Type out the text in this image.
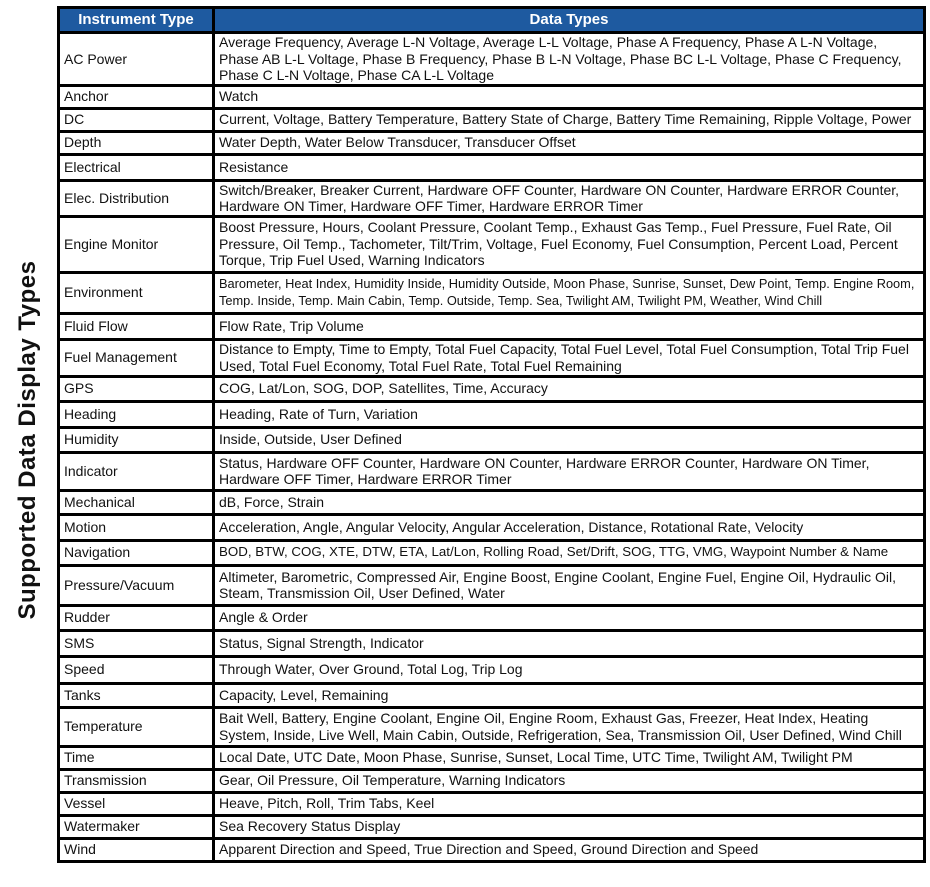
Supported Data Display Types
Instrument Type	Data Types
AC Power	Average Frequency, Average L-N Voltage, Average L-L Voltage, Phase A Frequency, Phase A L-N Voltage, Phase AB L-L Voltage, Phase B Frequency, Phase B L-N Voltage, Phase BC L-L Voltage, Phase C Frequency, Phase C L-N Voltage, Phase CA L-L Voltage
Anchor	Watch
DC	Current, Voltage, Battery Temperature, Battery State of Charge, Battery Time Remaining, Ripple Voltage, Power
Depth	Water Depth, Water Below Transducer, Transducer Offset
Electrical	Resistance
Elec. Distribution	Switch/Breaker, Breaker Current, Hardware OFF Counter, Hardware ON Counter, Hardware ERROR Counter, Hardware ON Timer, Hardware OFF Timer, Hardware ERROR Timer
Engine Monitor	Boost Pressure, Hours, Coolant Pressure, Coolant Temp., Exhaust Gas Temp., Fuel Pressure, Fuel Rate, Oil Pressure, Oil Temp., Tachometer, Tilt/Trim, Voltage, Fuel Economy, Fuel Consumption, Percent Load, Percent Torque, Trip Fuel Used, Warning Indicators
Environment	Barometer, Heat Index, Humidity Inside, Humidity Outside, Moon Phase, Sunrise, Sunset, Dew Point, Temp. Engine Room, Temp. Inside, Temp. Main Cabin, Temp. Outside, Temp. Sea, Twilight AM, Twilight PM, Weather, Wind Chill
Fluid Flow	Flow Rate, Trip Volume
Fuel Management	Distance to Empty, Time to Empty, Total Fuel Capacity, Total Fuel Level, Total Fuel Consumption, Total Trip Fuel Used, Total Fuel Economy, Total Fuel Rate, Total Fuel Remaining
GPS	COG, Lat/Lon, SOG, DOP, Satellites, Time, Accuracy
Heading	Heading, Rate of Turn, Variation
Humidity	Inside, Outside, User Defined
Indicator	Status, Hardware OFF Counter, Hardware ON Counter, Hardware ERROR Counter, Hardware ON Timer, Hardware OFF Timer, Hardware ERROR Timer
Mechanical	dB, Force, Strain
Motion	Acceleration, Angle, Angular Velocity, Angular Acceleration, Distance, Rotational Rate, Velocity
Navigation	BOD, BTW, COG, XTE, DTW, ETA, Lat/Lon, Rolling Road, Set/Drift, SOG, TTG, VMG, Waypoint Number & Name
Pressure/Vacuum	Altimeter, Barometric, Compressed Air, Engine Boost, Engine Coolant, Engine Fuel, Engine Oil, Hydraulic Oil, Steam, Transmission Oil, User Defined, Water
Rudder	Angle & Order
SMS	Status, Signal Strength, Indicator
Speed	Through Water, Over Ground, Total Log, Trip Log
Tanks	Capacity, Level, Remaining
Temperature	Bait Well, Battery, Engine Coolant, Engine Oil, Engine Room, Exhaust Gas, Freezer, Heat Index, Heating System, Inside, Live Well, Main Cabin, Outside, Refrigeration, Sea, Transmission Oil, User Defined, Wind Chill
Time	Local Date, UTC Date, Moon Phase, Sunrise, Sunset, Local Time, UTC Time, Twilight AM, Twilight PM
Transmission	Gear, Oil Pressure, Oil Temperature, Warning Indicators
Vessel	Heave, Pitch, Roll, Trim Tabs, Keel
Watermaker	Sea Recovery Status Display
Wind	Apparent Direction and Speed, True Direction and Speed, Ground Direction and Speed
